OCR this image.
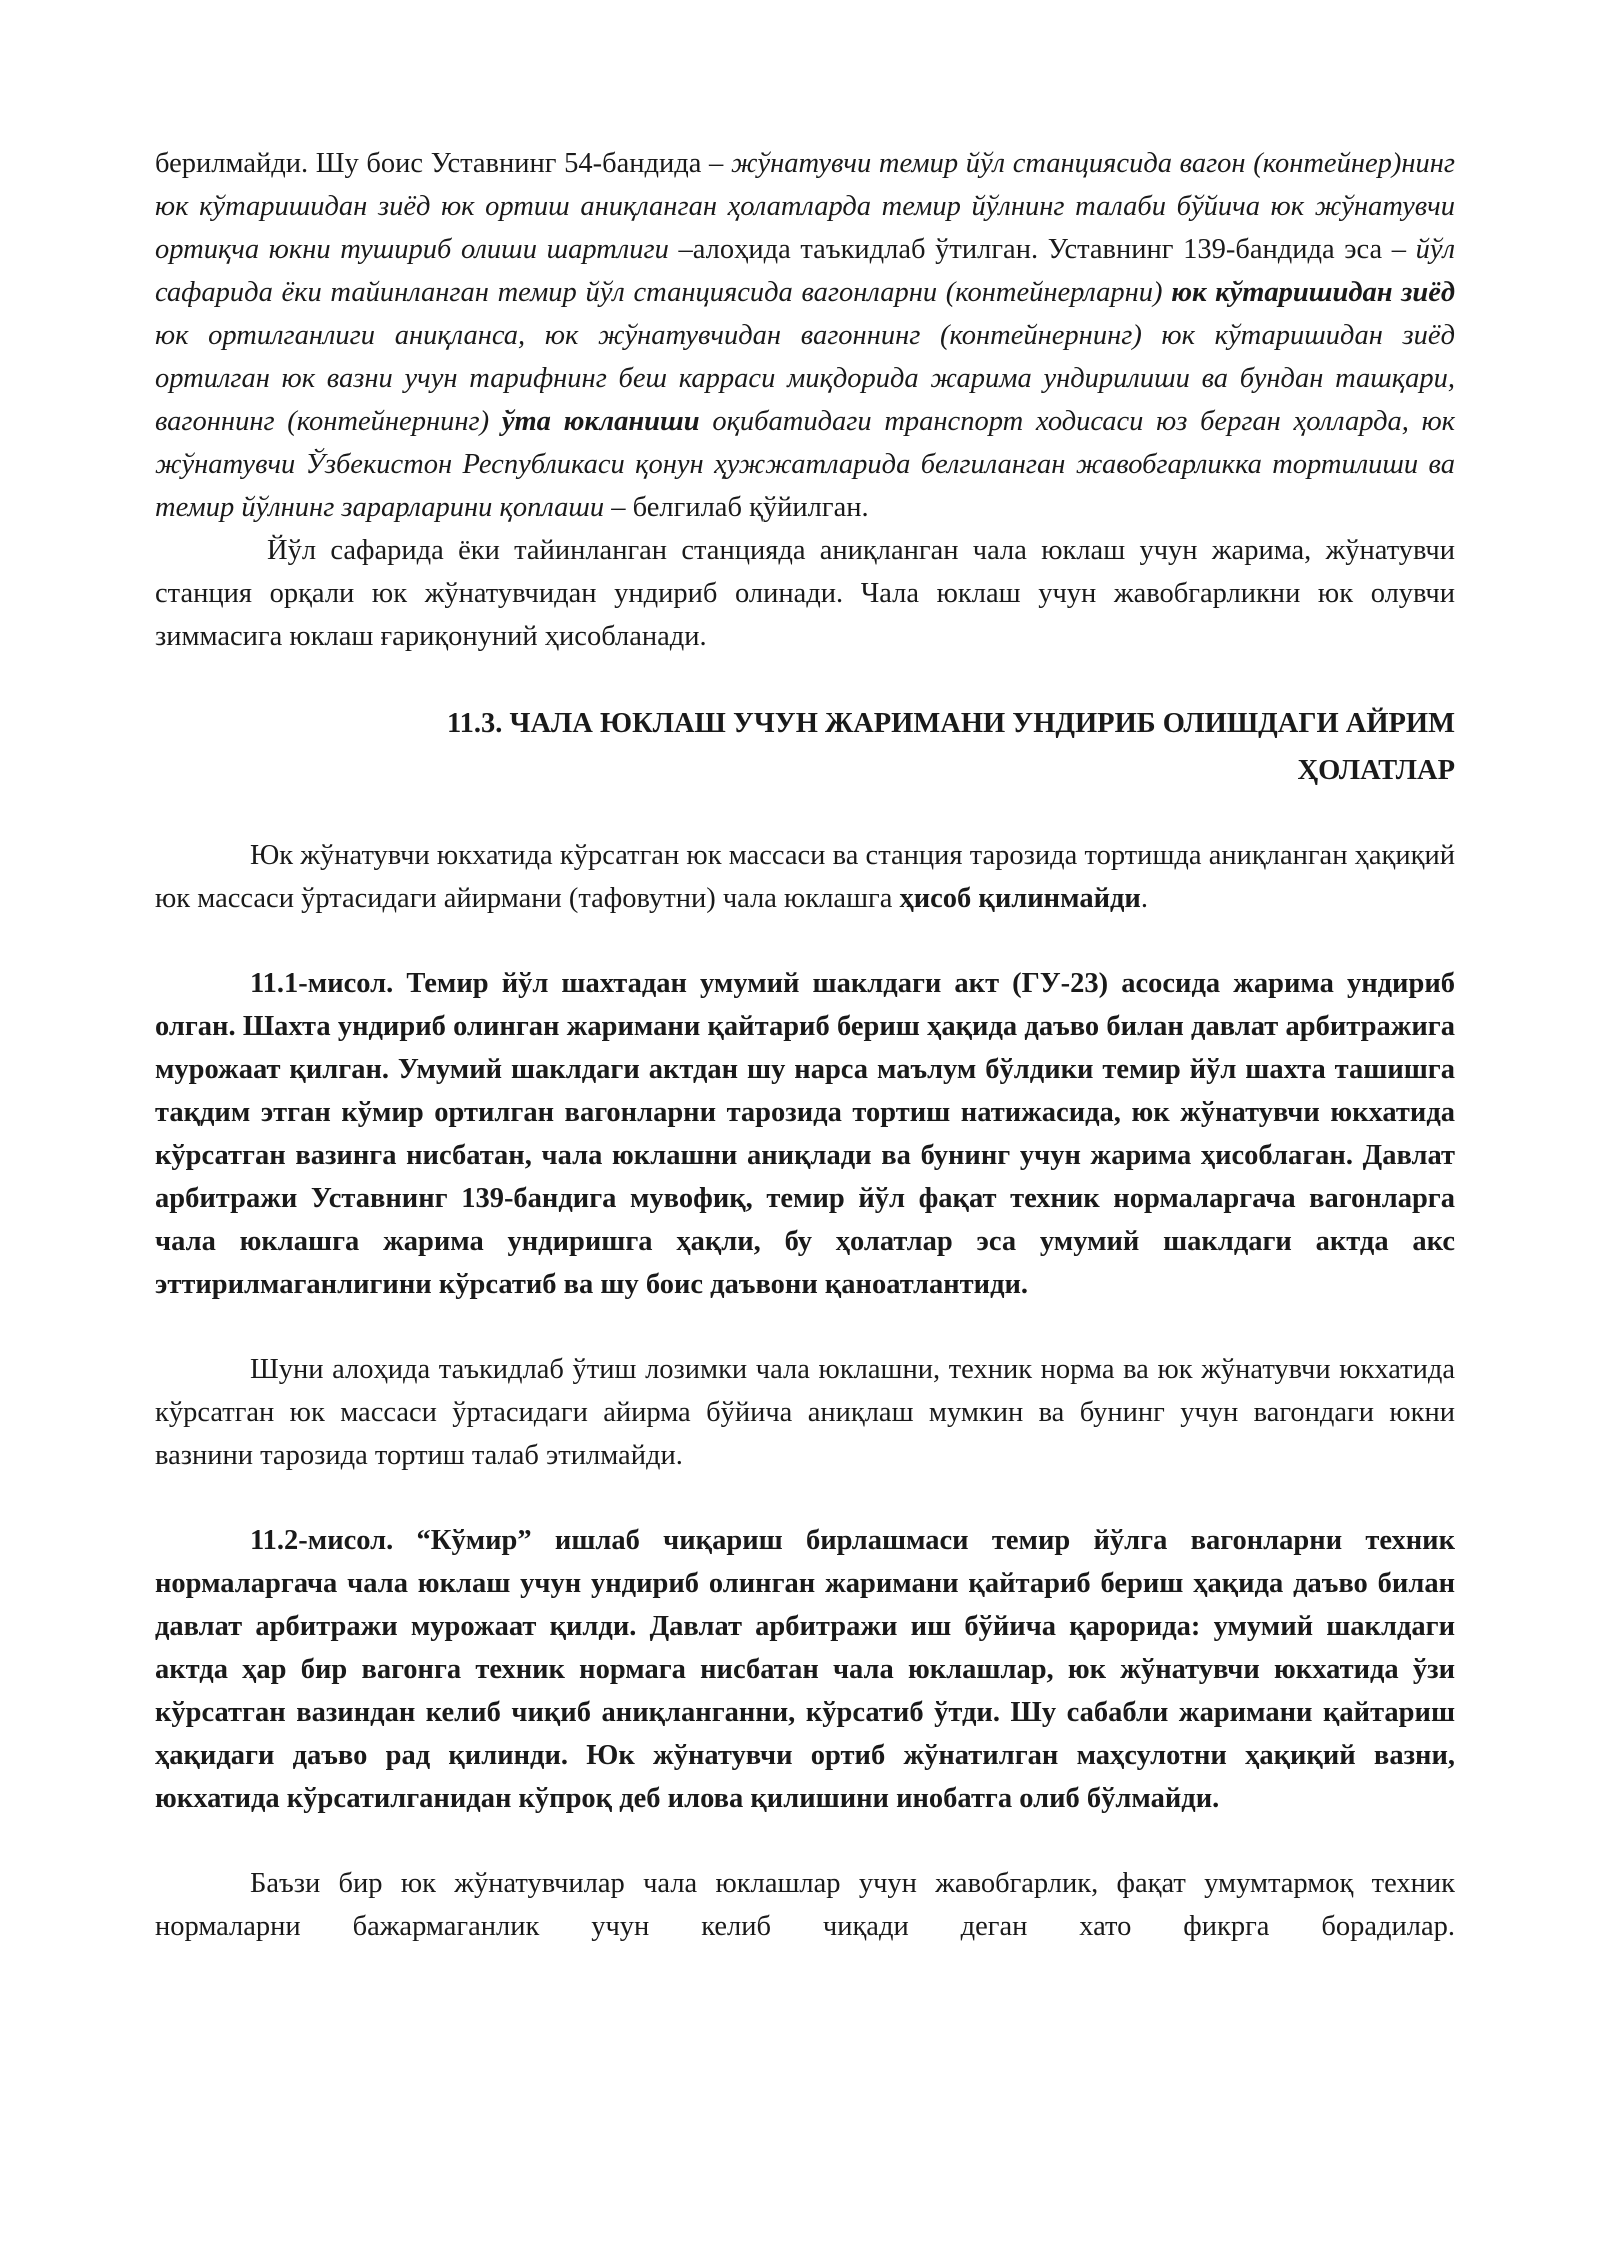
берилмайди. Шу боис Уставнинг 54-бандида – жўнатувчи темир йўл станциясида вагон (контейнер)нинг юк кўтаришидан зиёд юк ортиш аниқланган ҳолатларда темир йўлнинг талаби бўйича юк жўнатувчи ортиқча юкни тушириб олиши шартлиги –алоҳида таъкидлаб ўтилган. Уставнинг 139-бандида эса – йўл сафарида ёки тайинланган темир йўл станциясида вагонларни (контейнерларни) юк кўтаришидан зиёд юк ортилганлиги аниқланса, юк жўнатувчидан вагоннинг (контейнернинг) юк кўтаришидан зиёд ортилган юк вазни учун тарифнинг беш карраси миқдорида жарима ундирилиши ва бундан ташқари, вагоннинг (контейнернинг) ўта юкланиши оқибатидаги транспорт ходисаси юз берган ҳолларда, юк жўнатувчи Ўзбекистон Республикаси қонун ҳужжатларида белгиланган жавобгарликка тортилиши ва темир йўлнинг зарарларини қоплаши – белгилаб қўйилган.

Йўл сафарида ёки тайинланган станцияда аниқланган чала юклаш учун жарима, жўнатувчи станция орқали юк жўнатувчидан ундириб олинади. Чала юклаш учун жавобгарликни юк олувчи зиммасига юклаш ғариқонуний ҳисобланади.

11.3. ЧАЛА ЮКЛАШ УЧУН ЖАРИМАНИ УНДИРИБ ОЛИШДАГИ АЙРИМ
ҲОЛАТЛАР

Юк жўнатувчи юкхатида кўрсатган юк массаси ва станция тарозида тортишда аниқланган ҳақиқий юк массаси ўртасидаги айирмани (тафовутни) чала юклашга ҳисоб қилинмайди.

11.1-мисол. Темир йўл шахтадан умумий шаклдаги акт (ГУ-23) асосида жарима ундириб олган. Шахта ундириб олинган жаримани қайтариб бериш ҳақида даъво билан давлат арбитражига мурожаат қилган. Умумий шаклдаги актдан шу нарса маълум бўлдики темир йўл шахта ташишга тақдим этган кўмир ортилган вагонларни тарозида тортиш натижасида, юк жўнатувчи юкхатида кўрсатган вазинга нисбатан, чала юклашни аниқлади ва бунинг учун жарима ҳисоблаган. Давлат арбитражи Уставнинг 139-бандига мувофиқ, темир йўл фақат техник нормаларгача вагонларга чала юклашга жарима ундиришга ҳақли, бу ҳолатлар эса умумий шаклдаги актда акс эттирилмаганлигини кўрсатиб ва шу боис даъвони қаноатлантиди.

Шуни алоҳида таъкидлаб ўтиш лозимки чала юклашни, техник норма ва юк жўнатувчи юкхатида кўрсатган юк массаси ўртасидаги айирма бўйича аниқлаш мумкин ва бунинг учун вагондаги юкни вазнини тарозида тортиш талаб этилмайди.

11.2-мисол. “Кўмир” ишлаб чиқариш бирлашмаси темир йўлга вагонларни техник нормаларгача чала юклаш учун ундириб олинган жаримани қайтариб бериш ҳақида даъво билан давлат арбитражи мурожаат қилди. Давлат арбитражи иш бўйича қарорида: умумий шаклдаги актда ҳар бир вагонга техник нормага нисбатан чала юклашлар, юк жўнатувчи юкхатида ўзи кўрсатган вазиндан келиб чиқиб аниқланганни, кўрсатиб ўтди. Шу сабабли жаримани қайтариш ҳақидаги даъво рад қилинди. Юк жўнатувчи ортиб жўнатилган маҳсулотни ҳақиқий вазни, юкхатида кўрсатилганидан кўпроқ деб илова қилишини инобатга олиб бўлмайди.

Баъзи бир юк жўнатувчилар чала юклашлар учун жавобгарлик, фақат умумтармоқ техник нормаларни бажармаганлик учун келиб чиқади деган хато фикрга борадилар.
